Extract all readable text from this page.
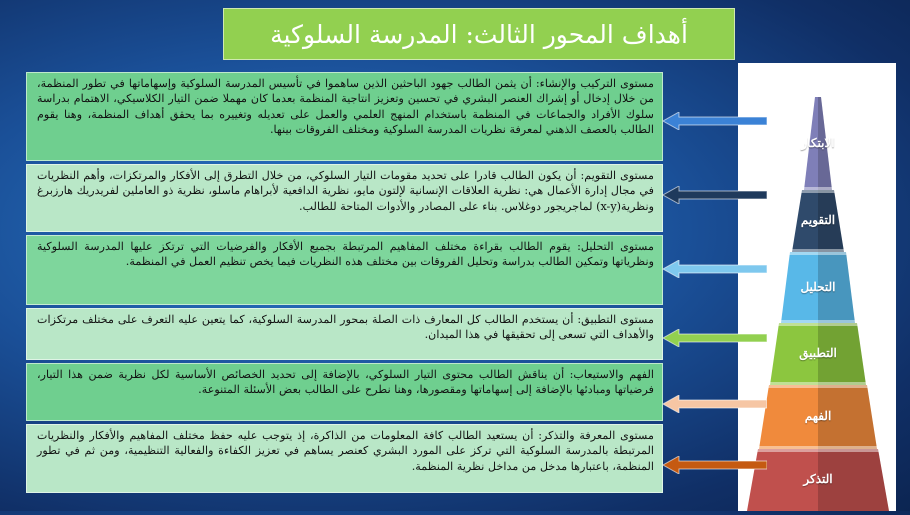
أهداف المحور الثالث: المدرسة السلوكية
مستوى التركيب والإنشاء: أن يثمن الطالب جهود الباحثين الذين ساهموا في تأسيس المدرسة السلوكية وإسهاماتها في تطور المنظمة، من خلال إدخال أو إشراك العنصر البشري في تحسين وتعزيز انتاجية المنظمة بعدما كان مهملا ضمن التيار الكلاسيكي، الاهتمام بدراسة سلوك الأفراد والجماعات في المنظمة باستخدام المنهج العلمي والعمل على تعديله وتغييره بما يحقق أهداف المنظمة، وهنا يقوم الطالب بالعصف الذهني لمعرفة نظريات المدرسة السلوكية ومختلف الفروقات بينها.
مستوى التقويم: أن يكون الطالب قادرا على تحديد مقومات التيار السلوكي، من خلال التطرق إلى الأفكار والمرتكزات، وأهم النظريات في مجال إدارة الأعمال هي: نظرية العلاقات الإنسانية لإلتون مايو، نظرية الدافعية لأبراهام ماسلو، نظرية ذو العاملين لفريدريك هارزبرغ ونظرية(x-y) لماجريجور دوغلاس. بناء على المصادر والأدوات المتاحة للطالب.
مستوى التحليل: يقوم الطالب بقراءة مختلف المفاهيم المرتبطة بجميع الأفكار والفرضيات التي ترتكز عليها المدرسة السلوكية ونظرياتها وتمكين الطالب بدراسة وتحليل الفروقات بين مختلف هذه النظريات فيما يخص تنظيم العمل في المنظمة.
مستوى التطبيق: أن يستخدم الطالب كل المعارف ذات الصلة بمحور المدرسة السلوكية، كما يتعين عليه التعرف على مختلف مرتكزات والأهداف التي تسعى إلى تحقيقها في هذا الميدان.
الفهم والاستيعاب: أن يناقش الطالب محتوى التيار السلوكي، بالإضافة إلى تحديد الخصائص الأساسية لكل نظرية ضمن هذا التيار، فرضياتها ومبادئها بالإضافة إلى إسهاماتها ومقصورها، وهنا نطرح على الطالب بعض الأسئلة المتنوعة.
مستوى المعرفة والتذكر: أن يستعيد الطالب كافة المعلومات من الذاكرة، إذ يتوجب عليه حفظ مختلف المفاهيم والأفكار والنظريات المرتبطة بالمدرسة السلوكية التي تركز على المورد البشري كعنصر يساهم في تعزيز الكفاءة والفعالية التنظيمية، ومن ثم في تطور المنظمة، باعتبارها مدخل من مداخل نظرية المنظمة.
الابتكار
التقويم
التحليل
التطبيق
الفهم
التذكر
